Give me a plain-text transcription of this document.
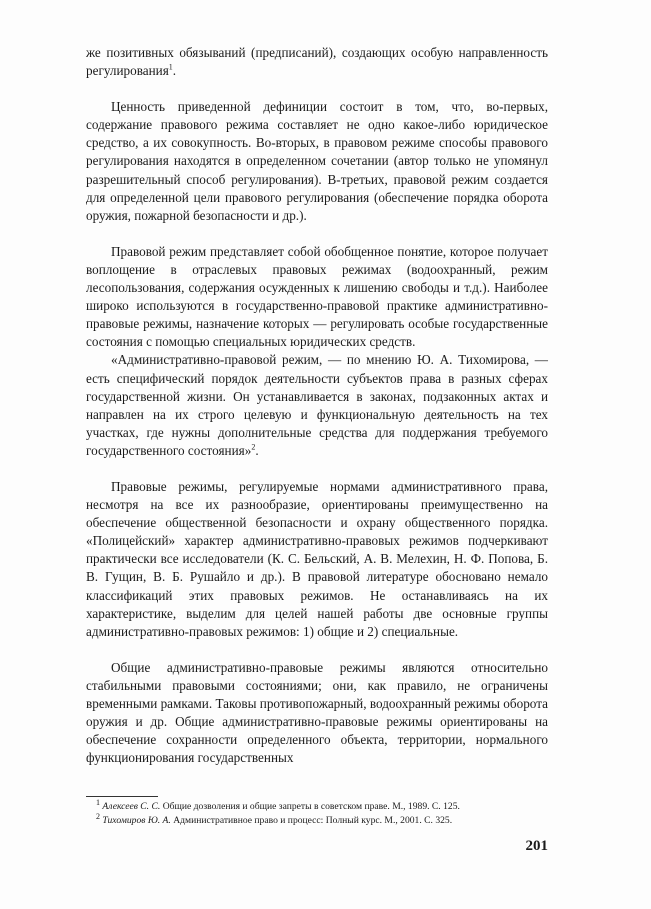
же позитивных обязываний (предписаний), создающих особую направленность регулирования$^1$.

Ценность приведенной дефиниции состоит в том, что, во-первых, содержание правового режима составляет не одно какое-либо юридическое средство, а их совокупность. Во-вторых, в правовом режиме способы правового регулирования находятся в определенном сочетании (автор только не упомянул разрешительный способ регулирования). В-третьих, правовой режим создается для определенной цели правового регулирования (обеспечение порядка оборота оружия, пожарной безопасности и др.).

Правовой режим представляет собой обобщенное понятие, которое получает воплощение в отраслевых правовых режимах (водоохранный, режим лесопользования, содержания осужденных к лишению свободы и т.д.). Наиболее широко используются в государственно-правовой практике административно-правовые режимы, назначение которых — регулировать особые государственные состояния с помощью специальных юридических средств.

«Административно-правовой режим, — по мнению Ю. А. Тихомирова, — есть специфический порядок деятельности субъектов права в разных сферах государственной жизни. Он устанавливается в законах, подзаконных актах и направлен на их строго целевую и функциональную деятельность на тех участках, где нужны дополнительные средства для поддержания требуемого государственного состояния»$^2$.

Правовые режимы, регулируемые нормами административного права, несмотря на все их разнообразие, ориентированы преимущественно на обеспечение общественной безопасности и охрану общественного порядка. «Полицейский» характер административно-правовых режимов подчеркивают практически все исследователи (К. С. Бельский, А. В. Мелехин, Н. Ф. Попова, Б. В. Гущин, В. Б. Рушайло и др.). В правовой литературе обосновано немало классификаций этих правовых режимов. Не останавливаясь на их характеристике, выделим для целей нашей работы две основные группы административно-правовых режимов: 1) общие и 2) специальные.

Общие административно-правовые режимы являются относительно стабильными правовыми состояниями; они, как правило, не ограничены временными рамками. Таковы противопожарный, водоохранный режимы оборота оружия и др. Общие административно-правовые режимы ориентированы на обеспечение сохранности определенного объекта, территории, нормального функционирования государственных

$^1$ Алексеев С. С. Общие дозволения и общие запреты в советском праве. М., 1989. С. 125.
$^2$ Тихомиров Ю. А. Административное право и процесс: Полный курс. М., 2001. С. 325.
201
